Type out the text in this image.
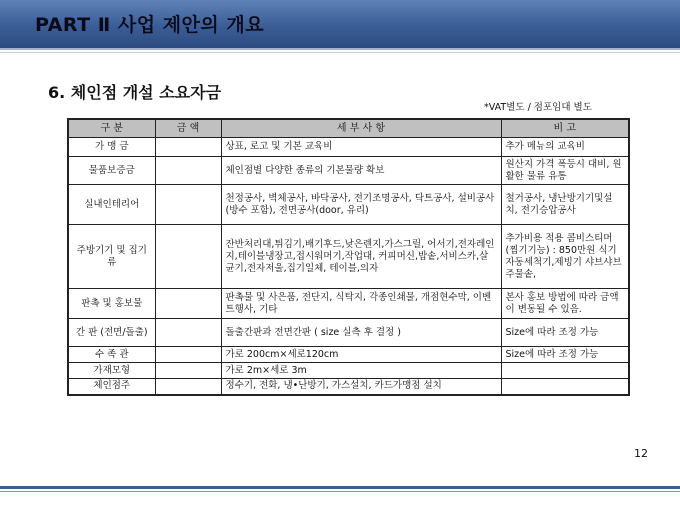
PART Ⅱ 사업 제안의 개요
6. 체인점 개설 소요자금
*VAT별도 / 점포임대 별도
구 분	금 액	세 부 사 항	비 고
가 맹 금		상표, 로고 및 기본 교육비	추가 메뉴의 교육비
물품보증금		체인점별 다양한 종류의 기본물량 확보	원산지 가격 폭등시 대비, 원활한 물류 유통
실내인테리어		천정공사, 벽체공사, 바닥공사, 전기조명공사, 닥트공사, 설비공사(방수 포함), 전면공사(door, 유리)	철거공사, 냉난방기기및설치, 전기승압공사
주방기기 및 집기류		잔반처리대,튀김기,배기후드,낮은렌지,가스그릴, 어서기,전자레인지,테이블냉장고,접시워머기,작업대, 커피머신,밥솥,서비스카,살균기,전자저울,집기일체, 테이블,의자	추가비용 적용 콤비스티머(찜기기능) : 850만원 식기자동세척기,제빙기 샤브샤브 주물솥,
판촉 및 홍보물		판촉물 및 사은품, 전단지, 식탁지, 각종인쇄물, 개점현수막, 이벤트행사, 기타	본사 홍보 방법에 따라 금액이 변동될 수 있음.
간 판 (전면/돌출)		돌출간판과 전면간판 ( size 실측 후 결정 )	Size에 따라 조정 가능
수 족 관		가로 200cm×세로120cm	Size에 따라 조정 가능
가재모형		가로 2m×세로 3m	
체인점주		정수기, 전화, 냉•난방기, 가스설치, 카드가맹점 설치	
12
